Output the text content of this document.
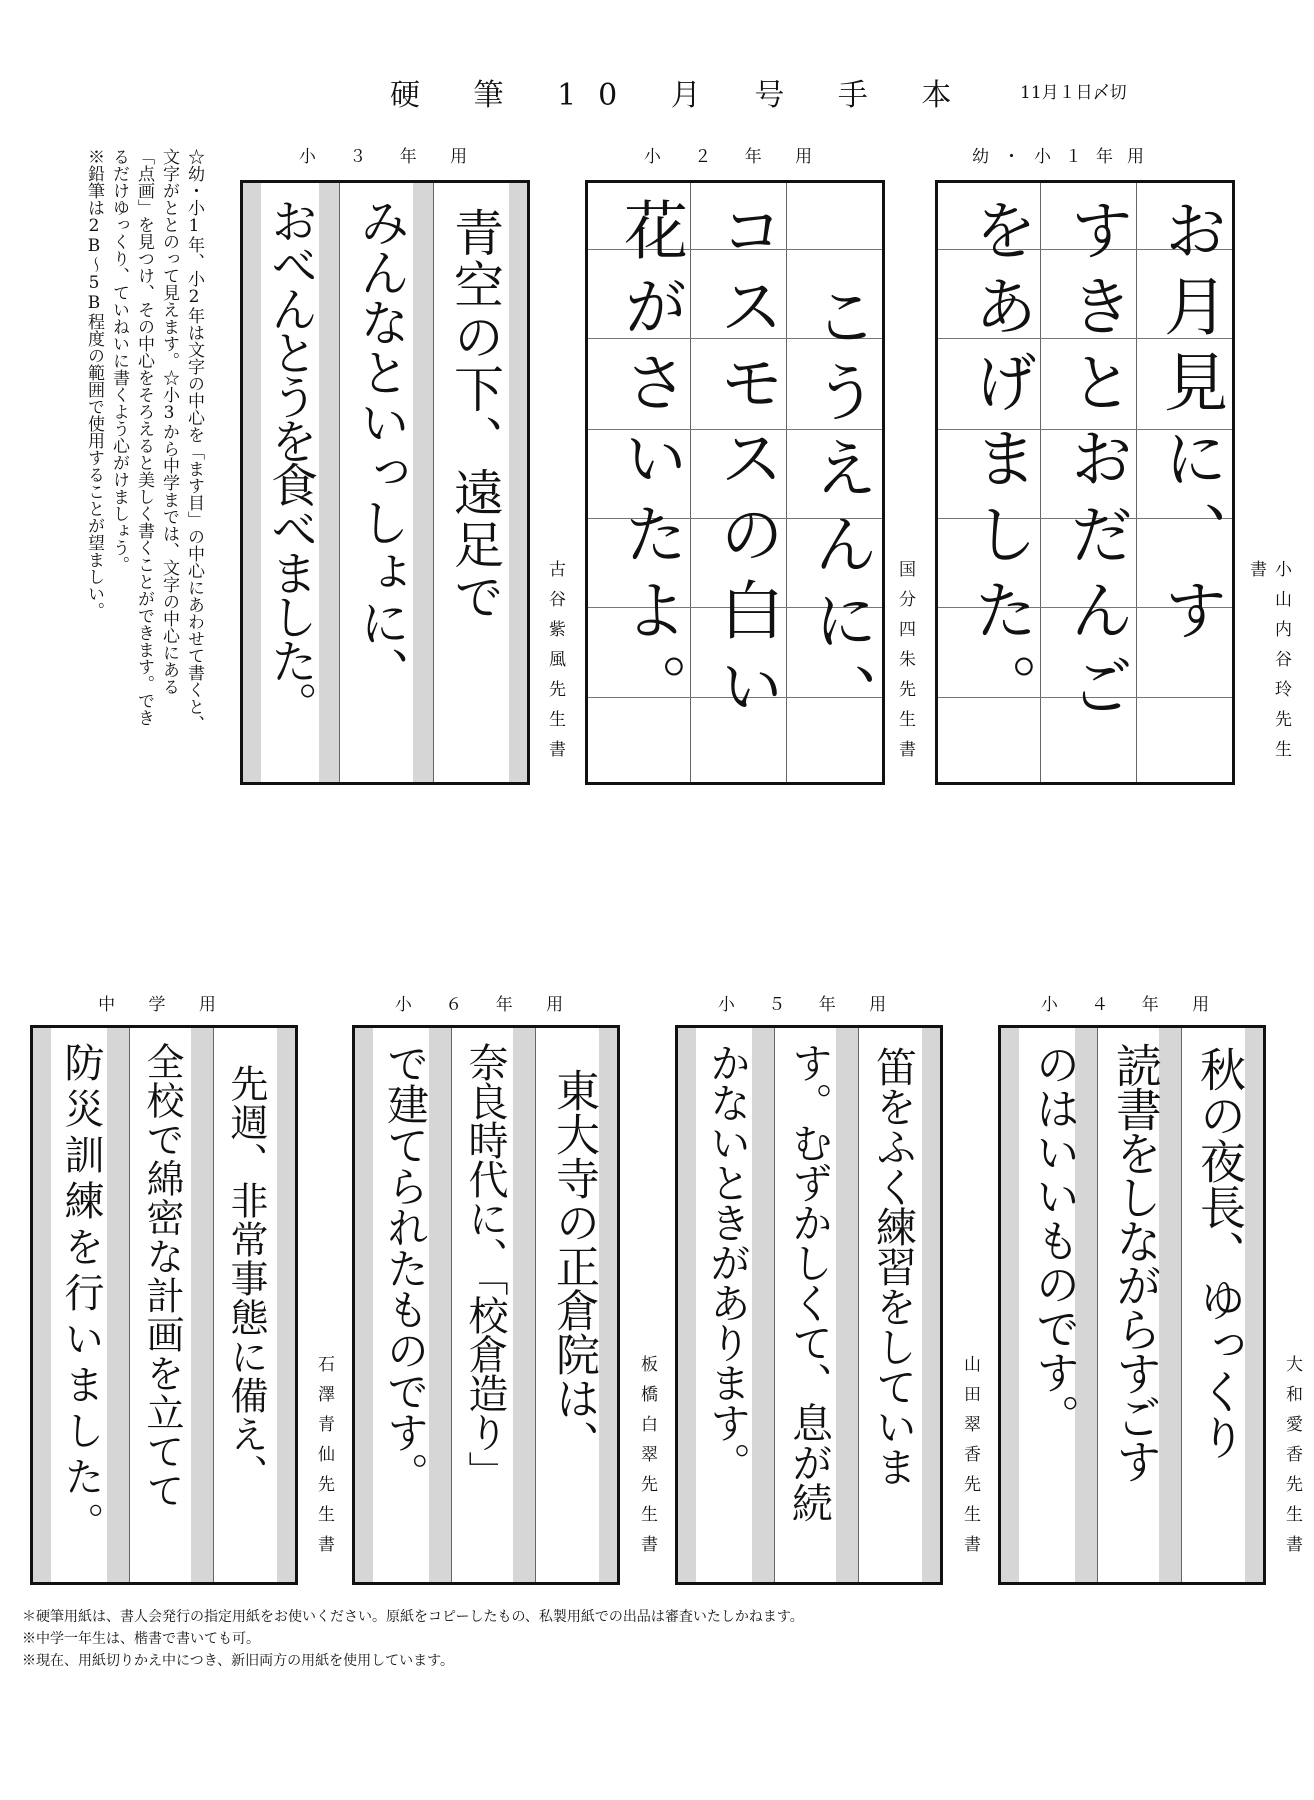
硬 筆 10 月 号 手 本	11月１日〆切
☆幼・小1年、小2年は文字の中心を「ます目」の中心にあわせて書くと、
文字がととのって見えます。☆小3から中学までは、文字の中心にある
「点画」を見つけ、その中心をそろえると美しく書くことができます。でき
るだけゆっくり、ていねいに書くよう心がけましょう。
※鉛筆は2B～5B程度の範囲で使用することが望ましい。	幼・小１年用
お月見に、す
すきとおだんご
をあげました。	小山内谷玲先生書
小 ２ 年 用
こうえんに、
コスモスの白い
花がさいたよ。	国分四朱先生書
小 ３ 年 用
青空の下、遠足で
みんなといっしょに、
おべんとうを食べました。	古谷紫風先生書
小 ４ 年 用
秋の夜長、ゆっくり
読書をしながらすごす
のはいいものです。
大和愛香先生書
小 ５ 年 用
笛をふく練習をしていま
す。むずかしくて、息が続
かないときがあります。	山田翠香先生書
小 ６ 年 用
東大寺の正倉院は、
奈良時代に、「校倉造り」
で建てられたものです。	板橋白翠先生書
中 学 用
先週、非常事態に備え、
全校で綿密な計画を立てて
防災訓練を行いました。	石澤青仙先生書
＊硬筆用紙は、書人会発行の指定用紙をお使いください。原紙をコピーしたもの、私製用紙での出品は審査いたしかねます。
※中学一年生は、楷書で書いても可。
※現在、用紙切りかえ中につき、新旧両方の用紙を使用しています。
